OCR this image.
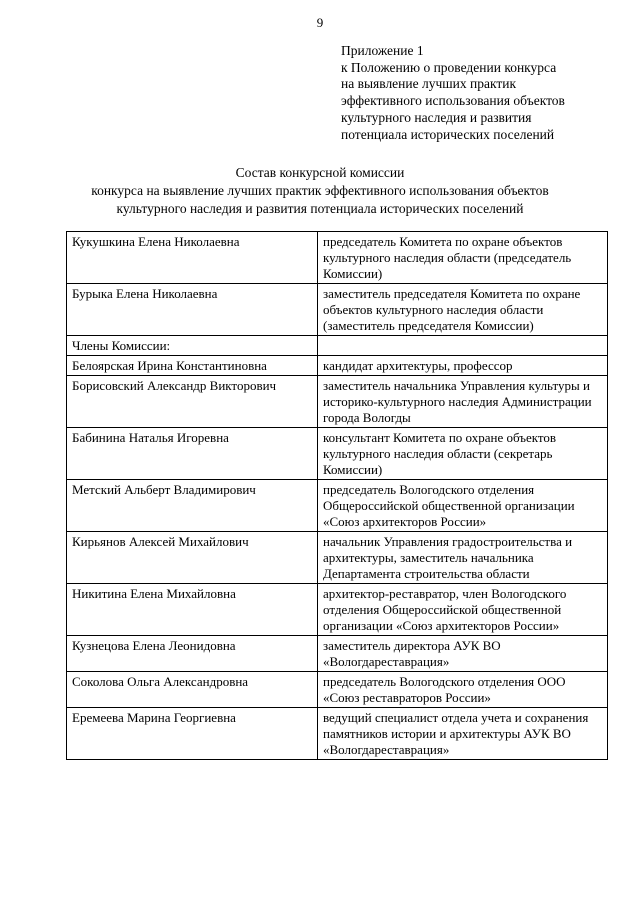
9
Приложение 1
к Положению о проведении конкурса
на выявление лучших практик
эффективного использования объектов
культурного наследия и развития
потенциала исторических поселений
Состав конкурсной комиссии
конкурса на выявление лучших практик эффективного использования объектов
культурного наследия и развития потенциала исторических поселений
Кукушкина Елена Николаевна	председатель Комитета по охране объектов культурного наследия области (председатель Комиссии)
Бурыка Елена Николаевна	заместитель председателя Комитета по охране объектов культурного наследия области (заместитель председателя Комиссии)
Члены Комиссии:	
Белоярская Ирина Константиновна	кандидат архитектуры, профессор
Борисовский Александр Викторович	заместитель начальника Управления культуры и историко-культурного наследия Администрации города Вологды
Бабинина Наталья Игоревна	консультант Комитета по охране объектов культурного наследия области (секретарь Комиссии)
Метский Альберт Владимирович	председатель Вологодского отделения Общероссийской общественной организации «Союз архитекторов России»
Кирьянов Алексей Михайлович	начальник Управления градостроительства и архитектуры, заместитель начальника Департамента строительства области
Никитина Елена Михайловна	архитектор-реставратор, член Вологодского отделения Общероссийской общественной организации «Союз архитекторов России»
Кузнецова Елена Леонидовна	заместитель директора АУК ВО «Вологдареставрация»
Соколова Ольга Александровна	председатель Вологодского отделения ООО «Союз реставраторов России»
Еремеева Марина Георгиевна	ведущий специалист отдела учета и сохранения памятников истории и архитектуры АУК ВО «Вологдареставрация»
